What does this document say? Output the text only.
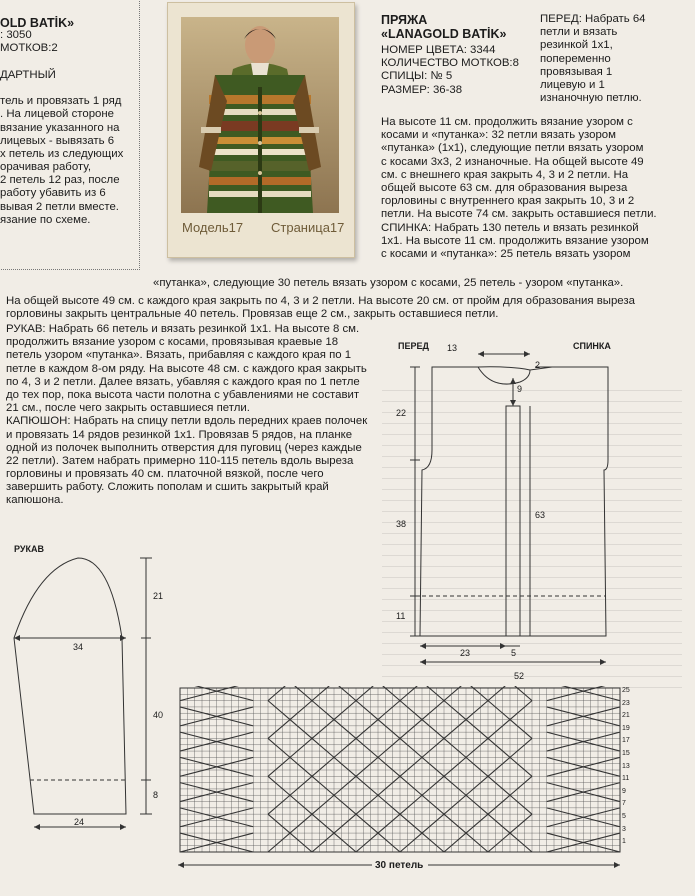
OLD BATİK»
: 3050
МОТКОВ:2
ДАРТНЫЙ
тель и провязать 1 ряд
. На лицевой стороне
вязание указанного на
лицевых - вывязать 6
х петель из следующих
орачивая работу,
2 петель 12 раз, после
работу убавить из 6
вывая 2 петли вместе.
язание по схеме.
Модель17 Страница17
ПРЯЖА
«LANAGOLD BATİK»
НОМЕР ЦВЕТА: 3344
КОЛИЧЕСТВО МОТКОВ:8
СПИЦЫ: № 5
РАЗМЕР: 36-38
ПЕРЕД: Набрать 64
петли и вязать
резинкой 1х1,
попеременно
провязывая 1
лицевую и 1
изнаночную петлю.
На высоте 11 см. продолжить вязание узором с
косами и «путанка»: 32 петли вязать узором
«путанка» (1х1), следующие петли вязать узором
с косами 3х3, 2 изнаночные. На общей высоте 49
см. с внешнего края закрыть 4, 3 и 2 петли. На
общей высоте 63 см. для образования выреза
горловины с внутреннего края закрыть 10, 3 и 2
петли. На высоте 74 см. закрыть оставшиеся петли.
СПИНКА: Набрать 130 петель и вязать резинкой
1х1. На высоте 11 см. продолжить вязание узором
с косами и «путанка»: 25 петель вязать узором
«путанка», следующие 30 петель вязать узором с косами, 25 петель - узором «путанка».
На общей высоте 49 см. с каждого края закрыть по 4, 3 и 2 петли. На высоте 20 см. от пройм для образования выреза
горловины закрыть центральные 40 петель. Провязав еще 2 см., закрыть оставшиеся петли.
РУКАВ: Набрать 66 петель и вязать резинкой 1х1. На высоте 8 см.
продолжить вязание узором с косами, провязывая краевые 18
петель узором «путанка». Вязать, прибавляя с каждого края по 1
петле в каждом 8-ом ряду. На высоте 48 см. с каждого края закрыть
по 4, 3 и 2 петли. Далее вязать, убавляя с каждого края по 1 петле
до тех пор, пока высота части полотна с убавлениями не составит
21 см., после чего закрыть оставшиеся петли.
КАПЮШОН: Набрать на спицу петли вдоль передних краев полочек
и провязать 14 рядов резинкой 1х1. Провязав 5 рядов, на планке
одной из полочек выполнить отверстия для пуговиц (через каждые
22 петли). Затем набрать примерно 110-115 петель вдоль выреза
горловины и провязать 40 см. платочной вязкой, после чего
завершить работу. Сложить пополам и сшить закрытый край
капюшона.
РУКАВ
21
34
40
8
24
ПЕРЕД	СПИНКА
13
2
9
22
38
63
11
23	5
52
25
23
21
19
17
15
13
11
9
7
5
3
1
30 петель
